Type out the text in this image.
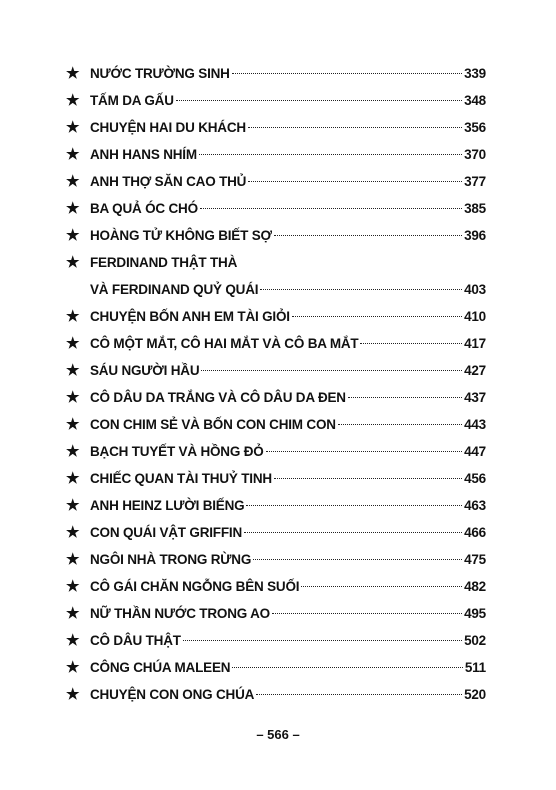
★ NƯỚC TRƯỜNG SINH	339
★ TẤM DA GẤU	348
★ CHUYỆN HAI DU KHÁCH	356
★ ANH HANS NHÍM	370
★ ANH THỢ SĂN CAO THỦ	377
★ BA QUẢ ÓC CHÓ	385
★ HOÀNG TỬ KHÔNG BIẾT SỢ	396
★ FERDINAND THẬT THÀ
VÀ FERDINAND QUỶ QUÁI	403
★ CHUYỆN BỐN ANH EM TÀI GIỎI	410
★ CÔ MỘT MẮT, CÔ HAI MẮT VÀ CÔ BA MẮT	417
★ SÁU NGƯỜI HẦU	427
★ CÔ DÂU DA TRẮNG VÀ CÔ DÂU DA ĐEN	437
★ CON CHIM SẺ VÀ BỐN CON CHIM CON	443
★ BẠCH TUYẾT VÀ HỒNG ĐỎ	447
★ CHIẾC QUAN TÀI THUỶ TINH	456
★ ANH HEINZ LƯỜI BIẾNG	463
★ CON QUÁI VẬT GRIFFIN	466
★ NGÔI NHÀ TRONG RỪNG	475
★ CÔ GÁI CHĂN NGỖNG BÊN SUỐI	482
★ NỮ THẦN NƯỚC TRONG AO	495
★ CÔ DÂU THẬT	502
★ CÔNG CHÚA MALEEN	511
★ CHUYỆN CON ONG CHÚA	520
– 566 –
